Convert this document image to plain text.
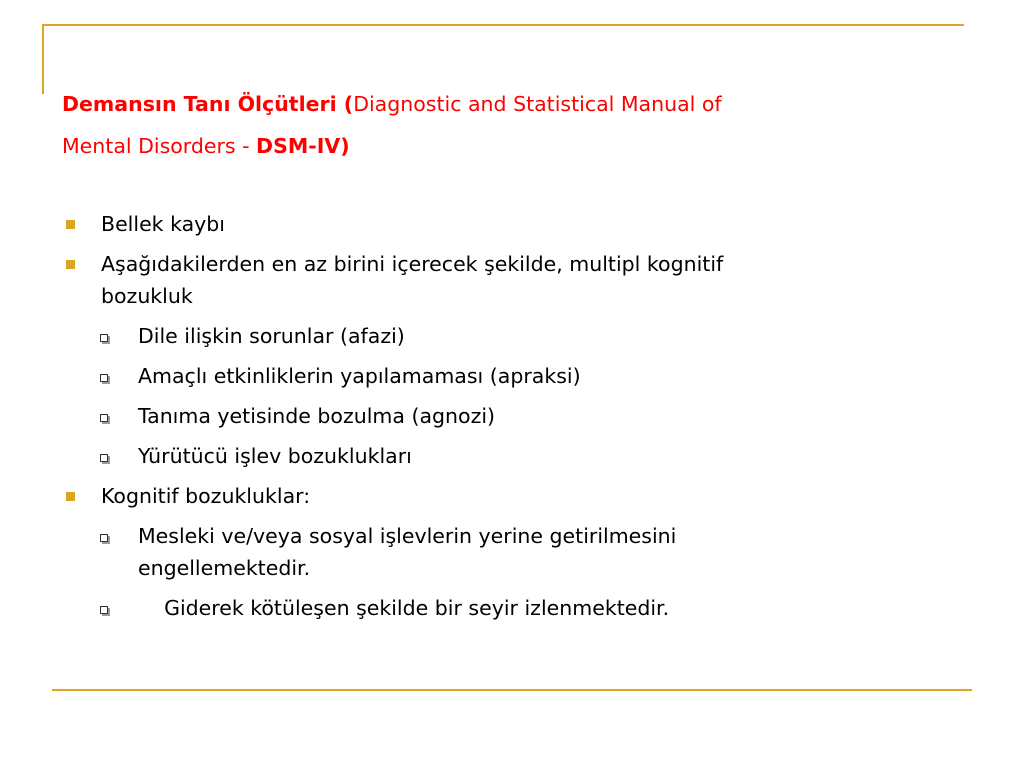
Demansın Tanı Ölçütleri (Diagnostic and Statistical Manual of
Mental Disorders - DSM-IV)
Bellek kaybı
Aşağıdakilerden en az birini içerecek şekilde, multipl kognitif
bozukluk
Dile ilişkin sorunlar (afazi)
Amaçlı etkinliklerin yapılamaması (apraksi)
Tanıma yetisinde bozulma (agnozi)
Yürütücü işlev bozuklukları
Kognitif bozukluklar:
Mesleki ve/veya sosyal işlevlerin yerine getirilmesini
engellemektedir.
Giderek kötüleşen şekilde bir seyir izlenmektedir.
